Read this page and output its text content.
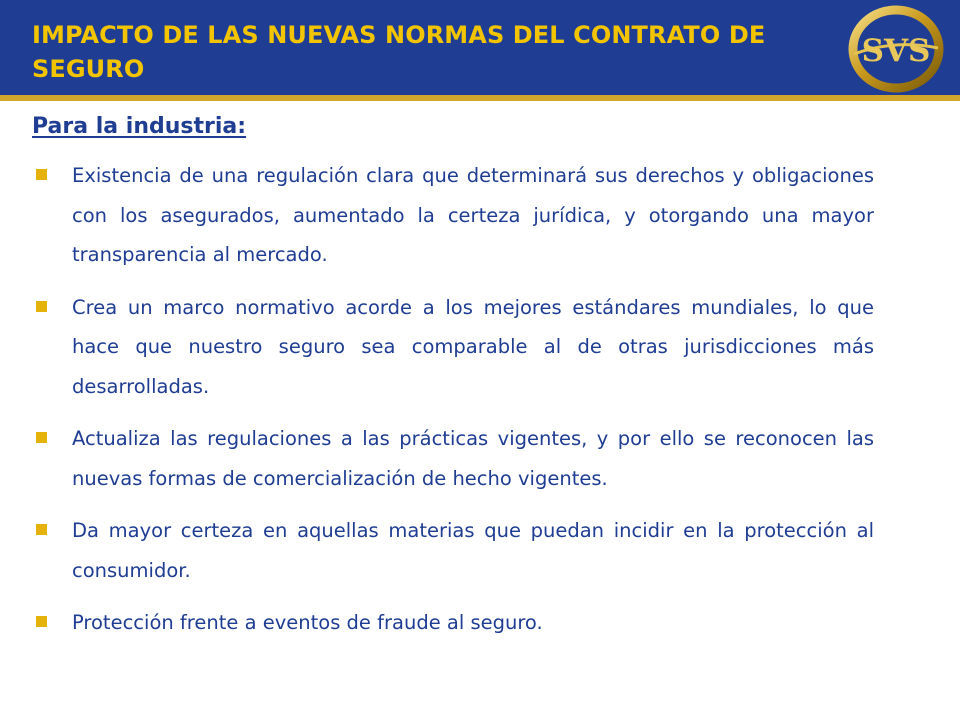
IMPACTO DE LAS NUEVAS NORMAS DEL CONTRATO DE SEGURO	SVS
Para la industria:
Existencia de una regulación clara que determinará sus derechos y obligaciones con los asegurados, aumentado la certeza jurídica, y otorgando una mayor transparencia al mercado.
Crea un marco normativo acorde a los mejores estándares mundiales, lo que hace que nuestro seguro sea comparable al de otras jurisdicciones más desarrolladas.
Actualiza las regulaciones a las prácticas vigentes, y por ello se reconocen las nuevas formas de comercialización de hecho vigentes.
Da mayor certeza en aquellas materias que puedan incidir en la protección al consumidor.
Protección frente a eventos de fraude al seguro.
